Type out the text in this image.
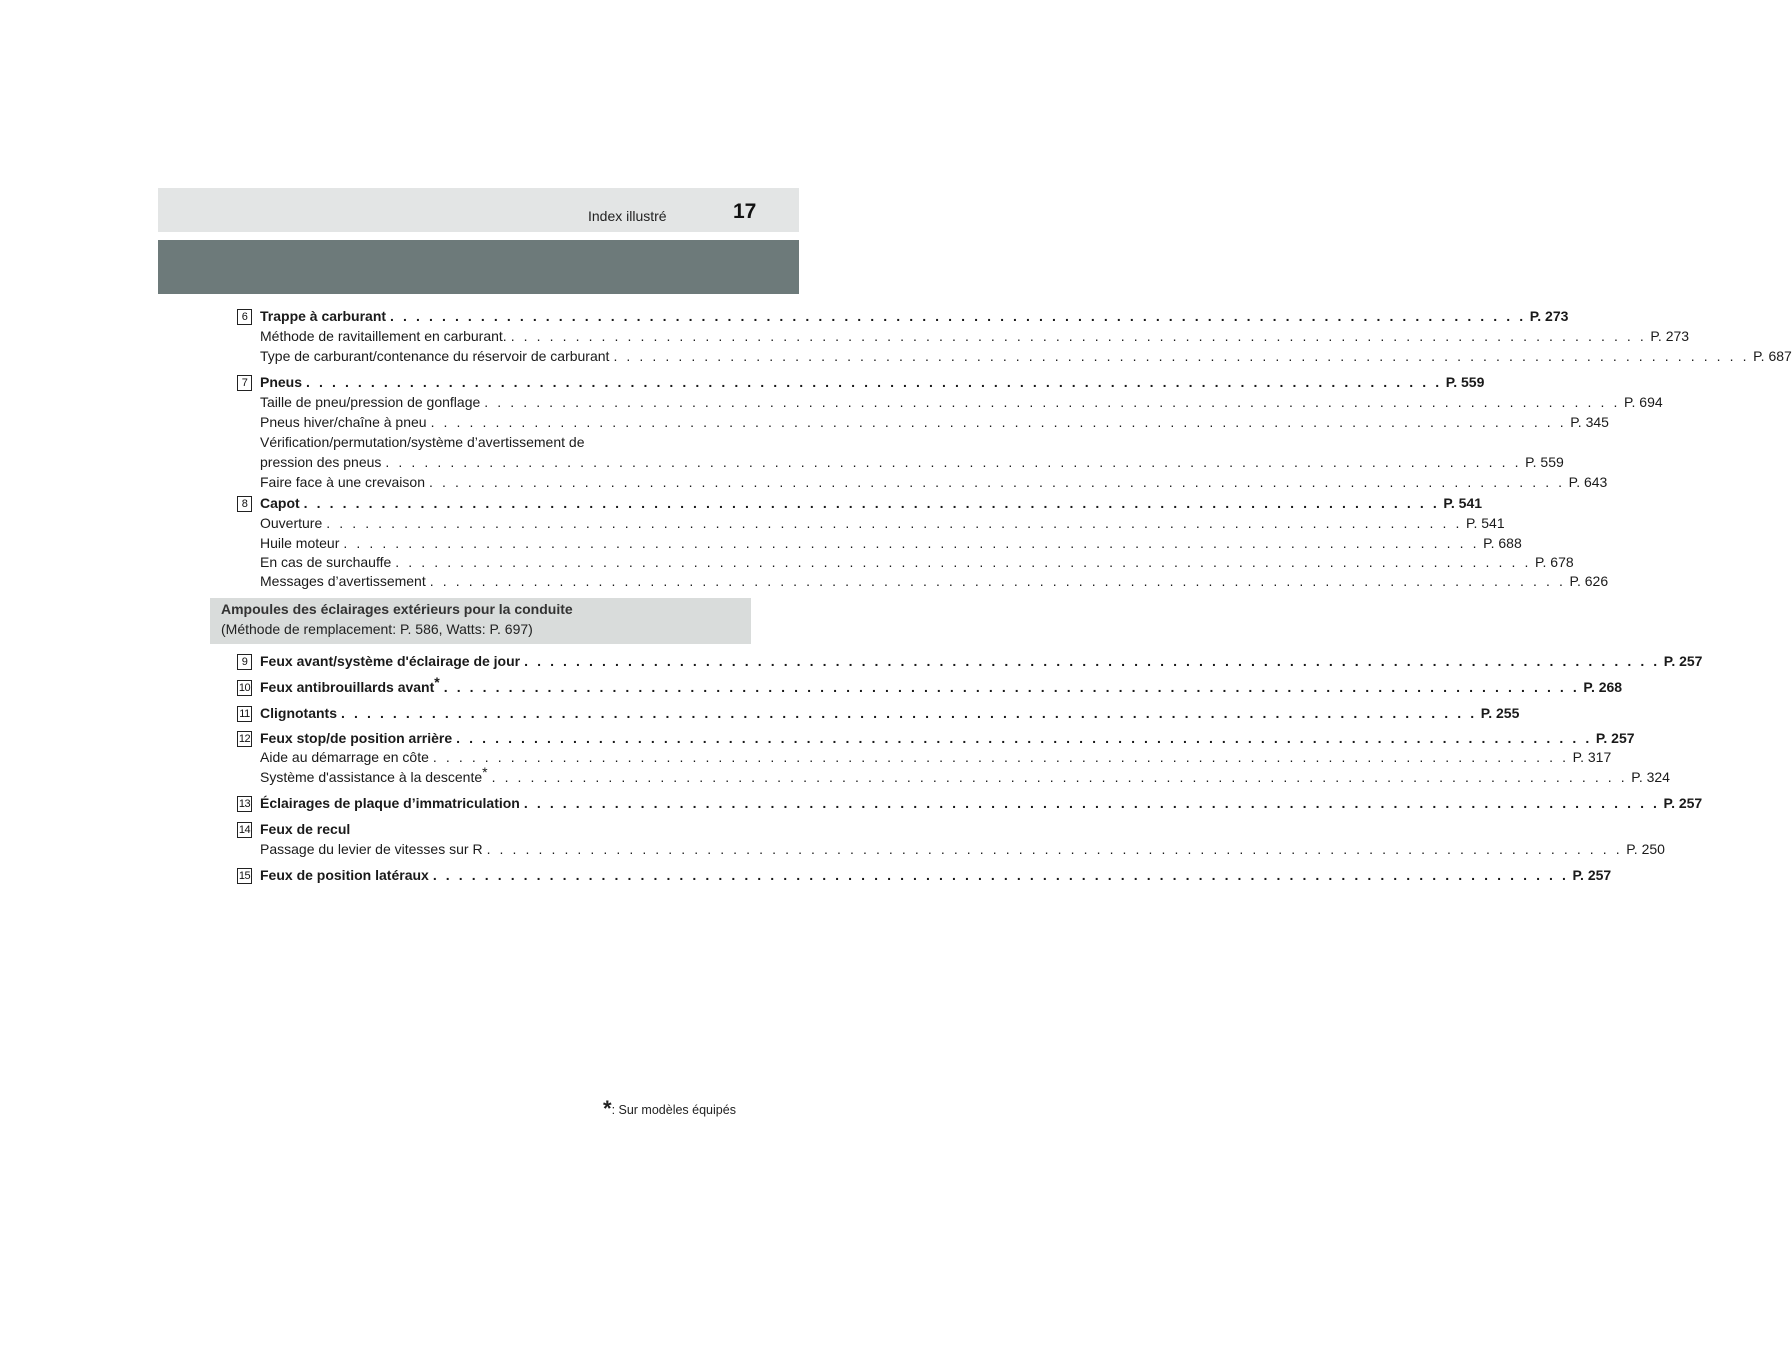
Index illustré	17
Ampoules des éclairages extérieurs pour la conduite
(Méthode de remplacement: P. 586, Watts: P. 697)
6 Trappe à carburant . . . . . . . . . . . . . . . . . . . . . . . . . . . . . . . . . . . . . . . . . . . . . . . . . . . . . . . . . . . . . . . . . . . . . . . . . . . . . . . . . . . . . . . . P. 273
Méthode de ravitaillement en carburant. . . . . . . . . . . . . . . . . . . . . . . . . . . . . . . . . . . . . . . . . . . . . . . . . . . . . . . . . . . . . . . . . . . . . . . . . . . . . . . . . . . . . . . . . P. 273
Type de carburant/contenance du réservoir de carburant . . . . . . . . . . . . . . . . . . . . . . . . . . . . . . . . . . . . . . . . . . . . . . . . . . . . . . . . . . . . . . . . . . . . . . . . . . . . . . . . . . . . . . . . P. 687
7 Pneus . . . . . . . . . . . . . . . . . . . . . . . . . . . . . . . . . . . . . . . . . . . . . . . . . . . . . . . . . . . . . . . . . . . . . . . . . . . . . . . . . . . . . . . . P. 559
Taille de pneu/pression de gonflage . . . . . . . . . . . . . . . . . . . . . . . . . . . . . . . . . . . . . . . . . . . . . . . . . . . . . . . . . . . . . . . . . . . . . . . . . . . . . . . . . . . . . . . . P. 694
Pneus hiver/chaîne à pneu . . . . . . . . . . . . . . . . . . . . . . . . . . . . . . . . . . . . . . . . . . . . . . . . . . . . . . . . . . . . . . . . . . . . . . . . . . . . . . . . . . . . . . . . P. 345
Vérification/permutation/système d’avertissement de
pression des pneus . . . . . . . . . . . . . . . . . . . . . . . . . . . . . . . . . . . . . . . . . . . . . . . . . . . . . . . . . . . . . . . . . . . . . . . . . . . . . . . . . . . . . . . . P. 559
Faire face à une crevaison . . . . . . . . . . . . . . . . . . . . . . . . . . . . . . . . . . . . . . . . . . . . . . . . . . . . . . . . . . . . . . . . . . . . . . . . . . . . . . . . . . . . . . . . P. 643
8 Capot . . . . . . . . . . . . . . . . . . . . . . . . . . . . . . . . . . . . . . . . . . . . . . . . . . . . . . . . . . . . . . . . . . . . . . . . . . . . . . . . . . . . . . . . P. 541
Ouverture . . . . . . . . . . . . . . . . . . . . . . . . . . . . . . . . . . . . . . . . . . . . . . . . . . . . . . . . . . . . . . . . . . . . . . . . . . . . . . . . . . . . . . . . P. 541
Huile moteur . . . . . . . . . . . . . . . . . . . . . . . . . . . . . . . . . . . . . . . . . . . . . . . . . . . . . . . . . . . . . . . . . . . . . . . . . . . . . . . . . . . . . . . . P. 688
En cas de surchauffe . . . . . . . . . . . . . . . . . . . . . . . . . . . . . . . . . . . . . . . . . . . . . . . . . . . . . . . . . . . . . . . . . . . . . . . . . . . . . . . . . . . . . . . . P. 678
Messages d’avertissement . . . . . . . . . . . . . . . . . . . . . . . . . . . . . . . . . . . . . . . . . . . . . . . . . . . . . . . . . . . . . . . . . . . . . . . . . . . . . . . . . . . . . . . . P. 626
9 Feux avant/système d'éclairage de jour . . . . . . . . . . . . . . . . . . . . . . . . . . . . . . . . . . . . . . . . . . . . . . . . . . . . . . . . . . . . . . . . . . . . . . . . . . . . . . . . . . . . . . . . P. 257
10 Feux antibrouillards avant* . . . . . . . . . . . . . . . . . . . . . . . . . . . . . . . . . . . . . . . . . . . . . . . . . . . . . . . . . . . . . . . . . . . . . . . . . . . . . . . . . . . . . . . . P. 268
11 Clignotants . . . . . . . . . . . . . . . . . . . . . . . . . . . . . . . . . . . . . . . . . . . . . . . . . . . . . . . . . . . . . . . . . . . . . . . . . . . . . . . . . . . . . . . . P. 255
12 Feux stop/de position arrière . . . . . . . . . . . . . . . . . . . . . . . . . . . . . . . . . . . . . . . . . . . . . . . . . . . . . . . . . . . . . . . . . . . . . . . . . . . . . . . . . . . . . . . . P. 257
Aide au démarrage en côte . . . . . . . . . . . . . . . . . . . . . . . . . . . . . . . . . . . . . . . . . . . . . . . . . . . . . . . . . . . . . . . . . . . . . . . . . . . . . . . . . . . . . . . . P. 317
Système d'assistance à la descente* . . . . . . . . . . . . . . . . . . . . . . . . . . . . . . . . . . . . . . . . . . . . . . . . . . . . . . . . . . . . . . . . . . . . . . . . . . . . . . . . . . . . . . . . P. 324
13 Éclairages de plaque d’immatriculation . . . . . . . . . . . . . . . . . . . . . . . . . . . . . . . . . . . . . . . . . . . . . . . . . . . . . . . . . . . . . . . . . . . . . . . . . . . . . . . . . . . . . . . . P. 257
14 Feux de recul
Passage du levier de vitesses sur R . . . . . . . . . . . . . . . . . . . . . . . . . . . . . . . . . . . . . . . . . . . . . . . . . . . . . . . . . . . . . . . . . . . . . . . . . . . . . . . . . . . . . . . . P. 250
15 Feux de position latéraux . . . . . . . . . . . . . . . . . . . . . . . . . . . . . . . . . . . . . . . . . . . . . . . . . . . . . . . . . . . . . . . . . . . . . . . . . . . . . . . . . . . . . . . . P. 257
*: Sur modèles équipés
